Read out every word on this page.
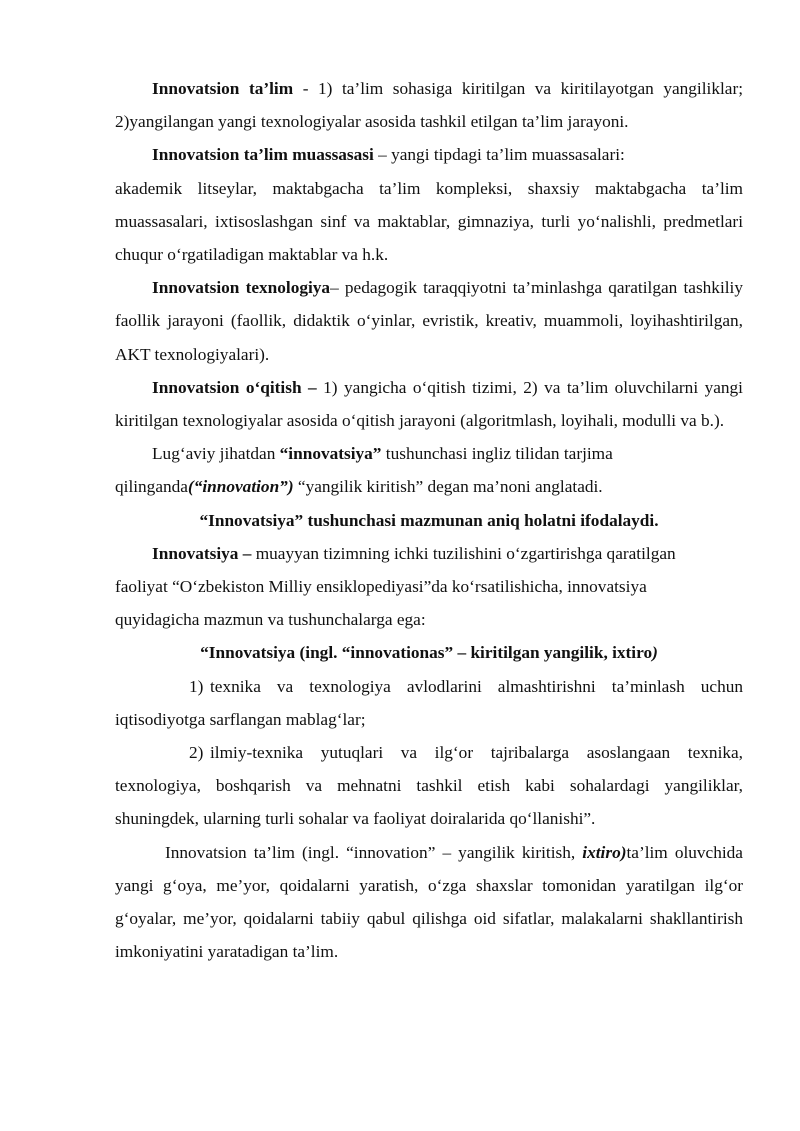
Innovatsion ta’lim - 1) ta’lim sohasiga kiritilgan va kiritilayotgan yangiliklar; 2)yangilangan yangi texnologiyalar asosida tashkil etilgan ta’lim jarayoni.

Innovatsion ta’lim muassasasi – yangi tipdagi ta’lim muassasalari:

akademik litseylar, maktabgacha ta’lim kompleksi, shaxsiy maktabgacha ta’lim muassasalari, ixtisoslashgan sinf va maktablar, gimnaziya, turli yo‘nalishli, predmetlari chuqur o‘rgatiladigan maktablar va h.k.

Innovatsion texnologiya– pedagogik taraqqiyotni ta’minlashga qaratilgan tashkiliy faollik jarayoni (faollik, didaktik o‘yinlar, evristik, kreativ, muammoli, loyihashtirilgan, AKT texnologiyalari).

Innovatsion o‘qitish – 1) yangicha o‘qitish tizimi, 2) va ta’lim oluvchilarni yangi kiritilgan texnologiyalar asosida o‘qitish jarayoni (algoritmlash, loyihali, modulli va b.).

Lug‘aviy jihatdan “innovatsiya” tushunchasi ingliz tilidan tarjima
qilinganda(“innovation”) “yangilik kiritish” degan ma’noni anglatadi.

“Innovatsiya” tushunchasi mazmunan aniq holatni ifodalaydi.

Innovatsiya – muayyan tizimning ichki tuzilishini o‘zgartirishga qaratilgan
faoliyat “O‘zbekiston Milliy ensiklopediyasi”da ko‘rsatilishicha, innovatsiya
quyidagicha mazmun va tushunchalarga ega:

“Innovatsiya (ingl. “innovationas” – kiritilgan yangilik, ixtiro)

1) texnika va texnologiya avlodlarini almashtirishni ta’minlash uchun iqtisodiyotga sarflangan mablag‘lar;

2) ilmiy-texnika yutuqlari va ilg‘or tajribalarga asoslangaan texnika, texnologiya, boshqarish va mehnatni tashkil etish kabi sohalardagi yangiliklar, shuningdek, ularning turli sohalar va faoliyat doiralarida qo‘llanishi”.

Innovatsion ta’lim (ingl. “innovation” – yangilik kiritish, ixtiro)ta’lim oluvchida yangi g‘oya, me’yor, qoidalarni yaratish, o‘zga shaxslar tomonidan yaratilgan ilg‘or g‘oyalar, me’yor, qoidalarni tabiiy qabul qilishga oid sifatlar, malakalarni shakllantirish imkoniyatini yaratadigan ta’lim.
